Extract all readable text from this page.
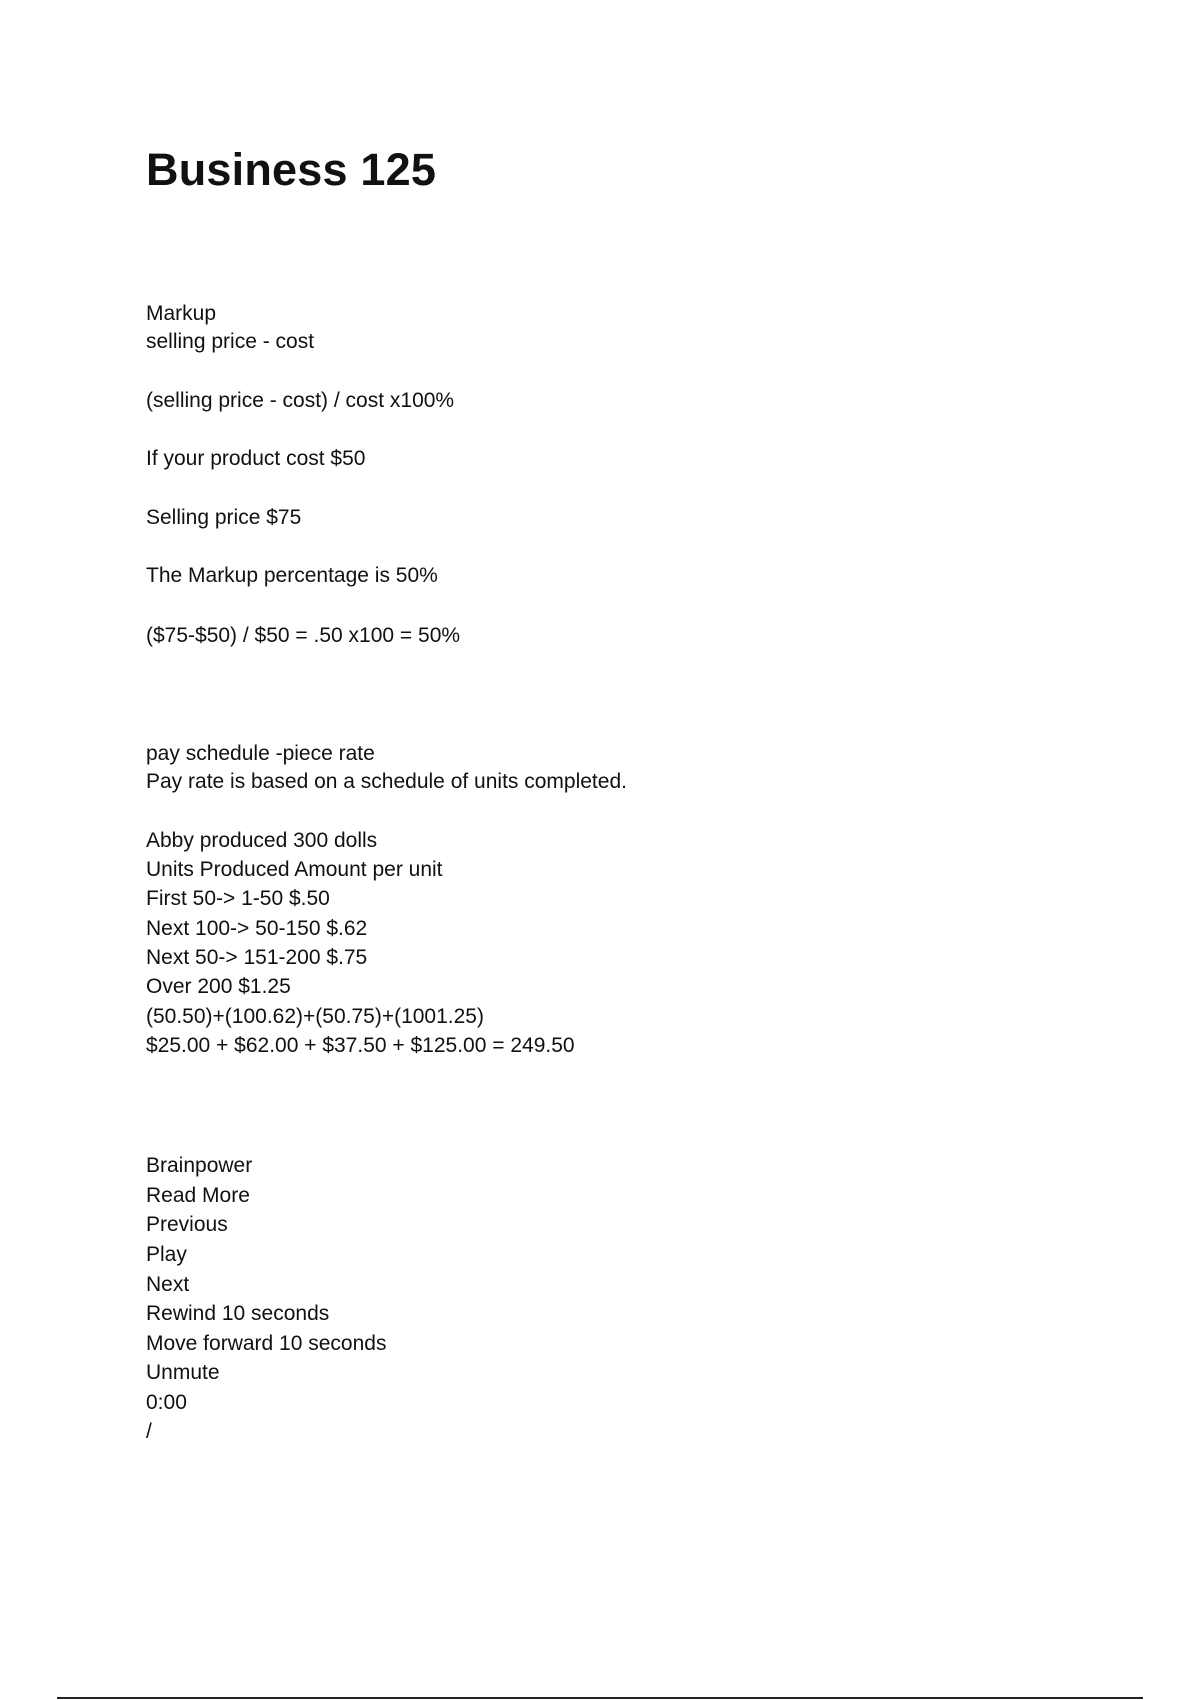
Business 125

Markup

selling price - cost

(selling price - cost) / cost x100%

If your product cost $50

Selling price $75

The Markup percentage is 50%

($75-$50) / $50 = .50 x100 = 50%

pay schedule -piece rate

Pay rate is based on a schedule of units completed.

Abby produced 300 dolls

Units Produced Amount per unit

First 50-> 1-50 $.50

Next 100-> 50-150 $.62

Next 50-> 151-200 $.75

Over 200 $1.25

(50.50)+(100.62)+(50.75)+(1001.25)

$25.00 + $62.00 + $37.50 + $125.00 = 249.50

Brainpower

Read More

Previous

Play

Next

Rewind 10 seconds

Move forward 10 seconds

Unmute

0:00

/
